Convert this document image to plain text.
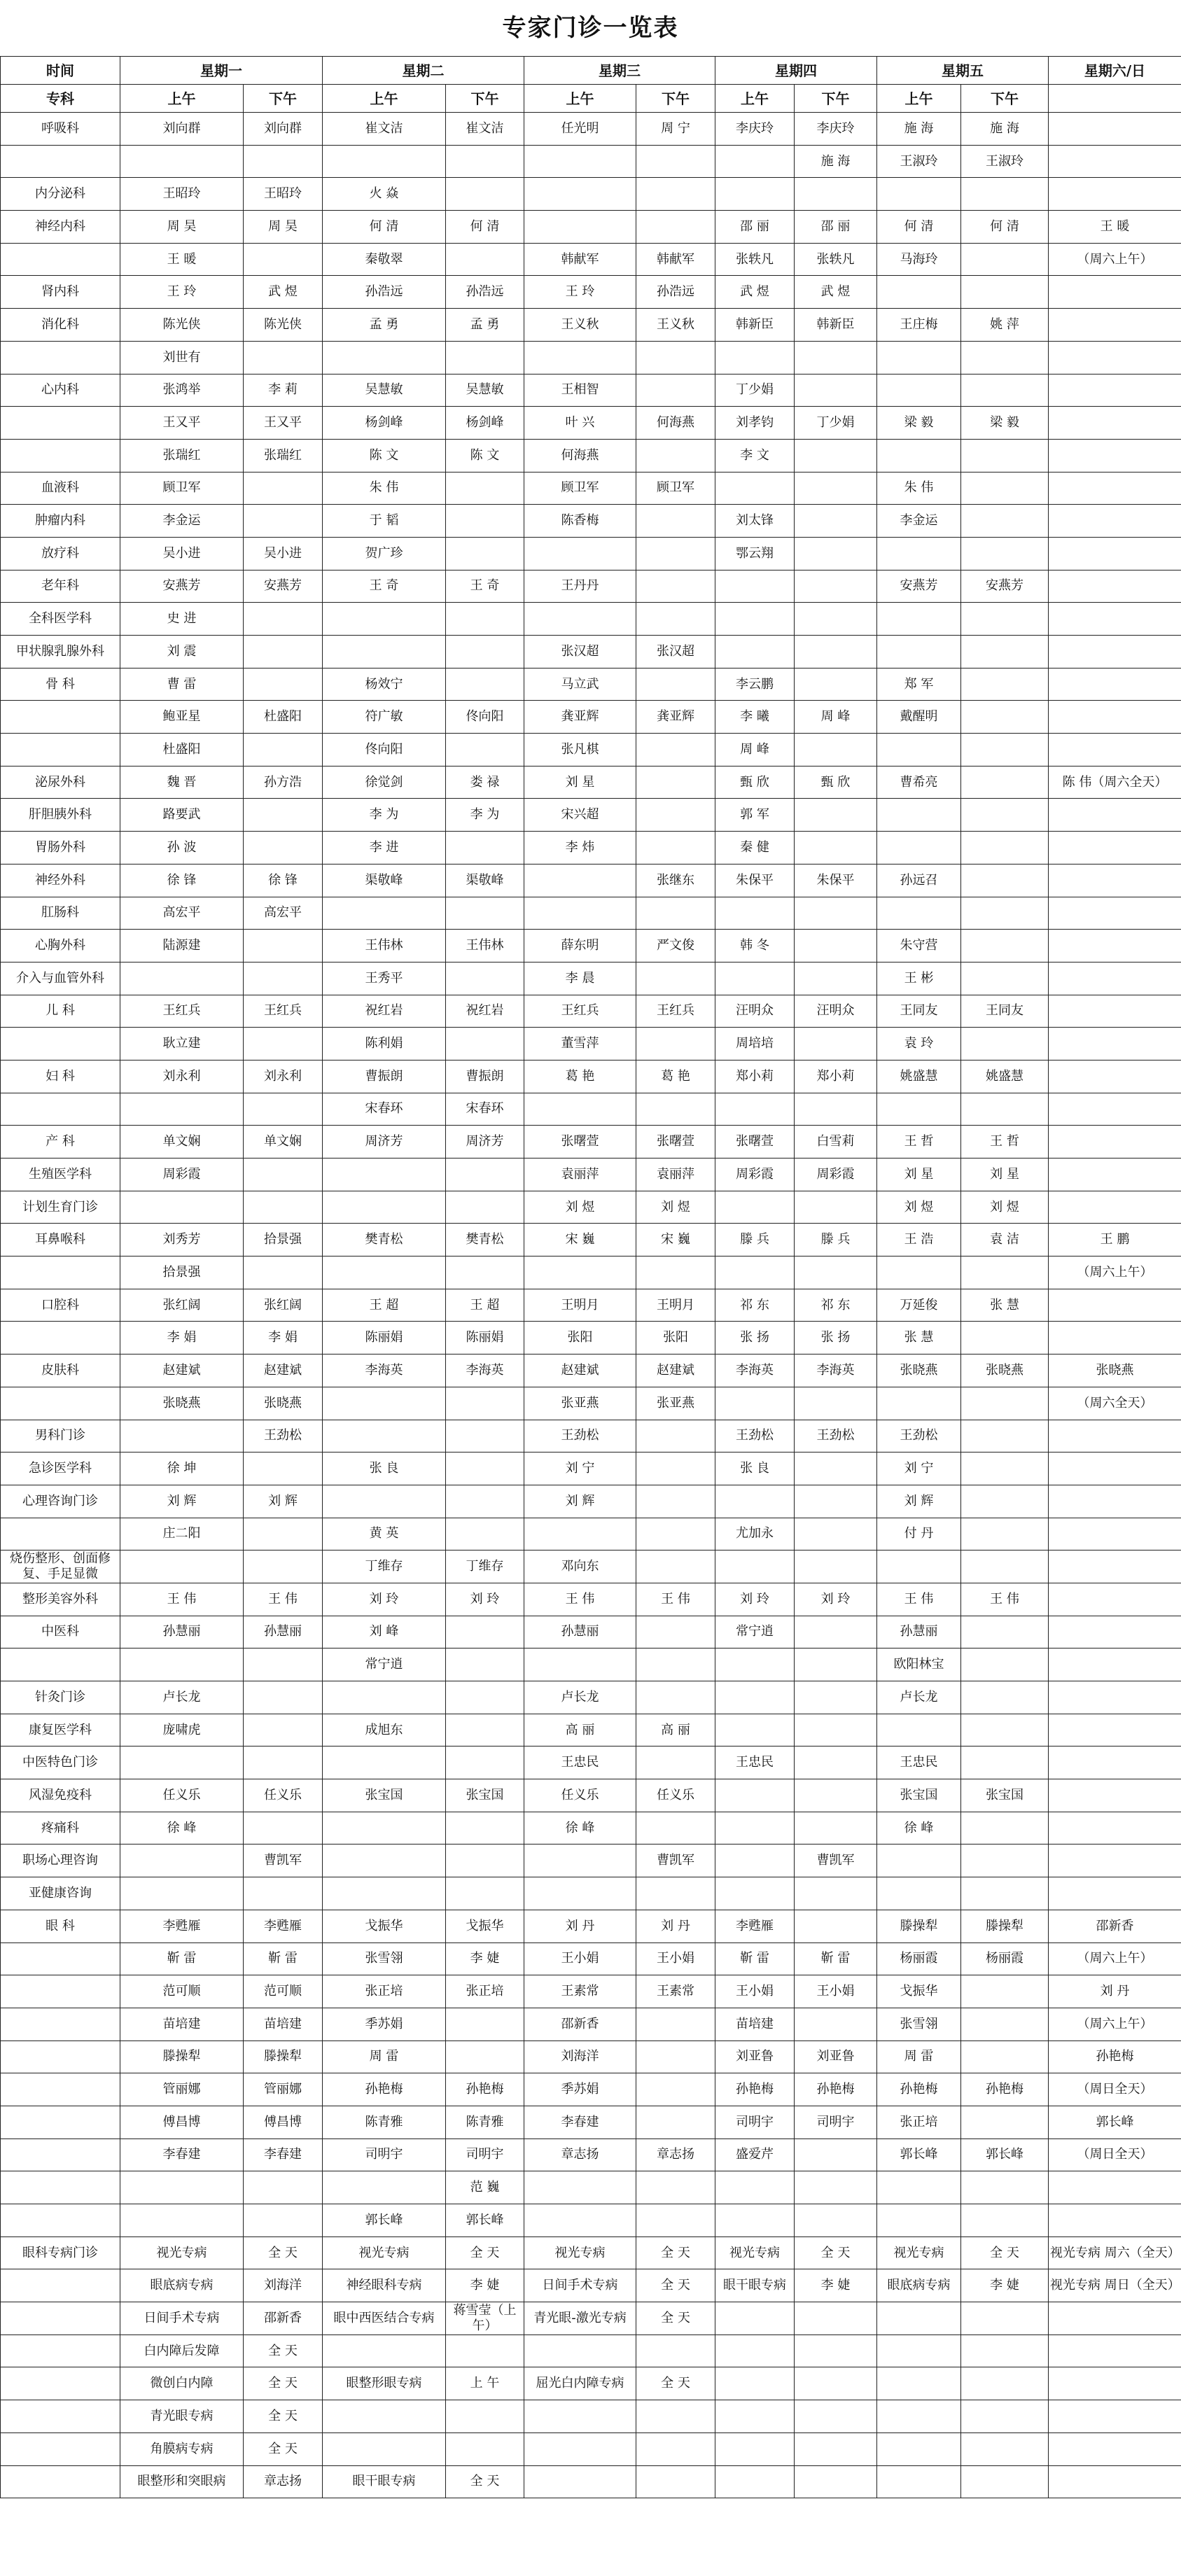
专家门诊一览表
时间	星期一		星期二		星期三		星期四		星期五		星期六/日
专科	上午	下午	上午	下午	上午	下午	上午	下午	上午	下午	
呼吸科	刘向群	刘向群	崔文洁	崔文洁	任光明	周 宁	李庆玲	李庆玲	施 海	施 海	
								施 海	王淑玲	王淑玲	
内分泌科	王昭玲	王昭玲	火 焱								
神经内科	周 昊	周 昊	何 清	何 清			邵 丽	邵 丽	何 清	何 清	王 暖
	王 暖		秦敬翠		韩献军	韩献军	张轶凡	张轶凡	马海玲		（周六上午）
肾内科	王 玲	武 煜	孙浩远	孙浩远	王 玲	孙浩远	武 煜	武 煜			
消化科	陈光侠	陈光侠	孟 勇	孟 勇	王义秋	王义秋	韩新臣	韩新臣	王庄梅	姚 萍	
	刘世有										
心内科	张鸿举	李 莉	吴慧敏	吴慧敏	王相智		丁少娟				
	王又平	王又平	杨剑峰	杨剑峰	叶 兴	何海燕	刘孝钧	丁少娟	梁 毅	梁 毅	
	张瑞红	张瑞红	陈 文	陈 文	何海燕		李 文				
血液科	顾卫军		朱 伟		顾卫军	顾卫军			朱 伟		
肿瘤内科	李金运		于 韬		陈香梅		刘太锋		李金运		
放疗科	吴小进	吴小进	贺广珍				鄂云翔				
老年科	安燕芳	安燕芳	王 奇	王 奇	王丹丹				安燕芳	安燕芳	
全科医学科	史 进										
甲状腺乳腺外科	刘 震				张汉超	张汉超					
骨 科	曹 雷		杨效宁		马立武		李云鹏		郑 军		
	鲍亚星	杜盛阳	符广敏	佟向阳	龚亚辉	龚亚辉	李 曦	周 峰	戴醒明		
	杜盛阳		佟向阳		张凡棋		周 峰				
泌尿外科	魏 晋	孙方浩	徐觉剑	娄 禄	刘 星		甄 欣	甄 欣	曹希亮		陈 伟（周六全天）
肝胆胰外科	路要武		李 为	李 为	宋兴超		郭 军				
胃肠外科	孙 波		李 进		李 炜		秦 健				
神经外科	徐 锋	徐 锋	渠敬峰	渠敬峰		张继东	朱保平	朱保平	孙远召		
肛肠科	高宏平	高宏平									
心胸外科	陆源建		王伟林	王伟林	薛东明	严文俊	韩 冬		朱守营		
介入与血管外科			王秀平		李 晨				王 彬		
儿 科	王红兵	王红兵	祝红岩	祝红岩	王红兵	王红兵	汪明众	汪明众	王同友	王同友	
	耿立建		陈利娟		董雪萍		周培培		袁 玲		
妇 科	刘永利	刘永利	曹振朗	曹振朗	葛 艳	葛 艳	郑小莉	郑小莉	姚盛慧	姚盛慧	
			宋春环	宋春环							
产 科	单文娴	单文娴	周济芳	周济芳	张曙萱	张曙萱	张曙萱	白雪莉	王 哲	王 哲	
生殖医学科	周彩霞				袁丽萍	袁丽萍	周彩霞	周彩霞	刘 星	刘 星	
计划生育门诊					刘 煜	刘 煜			刘 煜	刘 煜	
耳鼻喉科	刘秀芳	拾景强	樊青松	樊青松	宋 巍	宋 巍	滕 兵	滕 兵	王 浩	袁 洁	王 鹏
	拾景强										（周六上午）
口腔科	张红阔	张红阔	王 超	王 超	王明月	王明月	祁 东	祁 东	万延俊	张 慧	
	李 娟	李 娟	陈丽娟	陈丽娟	张阳	张阳	张 扬	张 扬	张 慧		
皮肤科	赵建斌	赵建斌	李海英	李海英	赵建斌	赵建斌	李海英	李海英	张晓燕	张晓燕	张晓燕
	张晓燕	张晓燕			张亚燕	张亚燕					（周六全天）
男科门诊		王劲松			王劲松		王劲松	王劲松	王劲松		
急诊医学科	徐 坤		张 良		刘 宁		张 良		刘 宁		
心理咨询门诊	刘 辉	刘 辉			刘 辉				刘 辉		
	庄二阳		黄 英				尤加永		付 丹		
烧伤整形、创面修复、手足显微			丁维存	丁维存	邓向东						
整形美容外科	王 伟	王 伟	刘 玲	刘 玲	王 伟	王 伟	刘 玲	刘 玲	王 伟	王 伟	
中医科	孙慧丽	孙慧丽	刘 峰		孙慧丽		常宁逍		孙慧丽		
			常宁逍						欧阳林宝		
针灸门诊	卢长龙				卢长龙				卢长龙		
康复医学科	庞啸虎		成旭东		高 丽	高 丽					
中医特色门诊					王忠民		王忠民		王忠民		
风湿免疫科	任义乐	任义乐	张宝国	张宝国	任义乐	任义乐			张宝国	张宝国	
疼痛科	徐 峰				徐 峰				徐 峰		
职场心理咨询		曹凯军				曹凯军		曹凯军			
亚健康咨询											
眼 科	李甦雁	李甦雁	戈振华	戈振华	刘 丹	刘 丹	李甦雁		滕操犁	滕操犁	邵新香
	靳 雷	靳 雷	张雪翎	李 婕	王小娟	王小娟	靳 雷	靳 雷	杨丽霞	杨丽霞	（周六上午）
	范可顺	范可顺	张正培	张正培	王素常	王素常	王小娟	王小娟	戈振华		刘 丹
	苗培建	苗培建	季苏娟		邵新香		苗培建		张雪翎		（周六上午）
	滕操犁	滕操犁	周 雷		刘海洋		刘亚鲁	刘亚鲁	周 雷		孙艳梅
	管丽娜	管丽娜	孙艳梅	孙艳梅	季苏娟		孙艳梅	孙艳梅	孙艳梅	孙艳梅	（周日全天）
	傅昌博	傅昌博	陈青雅	陈青雅	李春建		司明宇	司明宇	张正培		郭长峰
	李春建	李春建	司明宇	司明宇	章志扬	章志扬	盛爱芹		郭长峰	郭长峰	（周日全天）
				范 巍							
			郭长峰	郭长峰							
眼科专病门诊	视光专病	全 天	视光专病	全 天	视光专病	全 天	视光专病	全 天	视光专病	全 天	视光专病 周六（全天）
	眼底病专病	刘海洋	神经眼科专病	李 婕	日间手术专病	全 天	眼干眼专病	李 婕	眼底病专病	李 婕	视光专病 周日（全天）
	日间手术专病	邵新香	眼中西医结合专病	蒋雪莹（上午）	青光眼-激光专病	全 天					
	白内障后发障	全 天									
	微创白内障	全 天	眼整形眼专病	上 午	屈光白内障专病	全 天					
	青光眼专病	全 天									
	角膜病专病	全 天									
	眼整形和突眼病	章志扬	眼干眼专病	全 天							
